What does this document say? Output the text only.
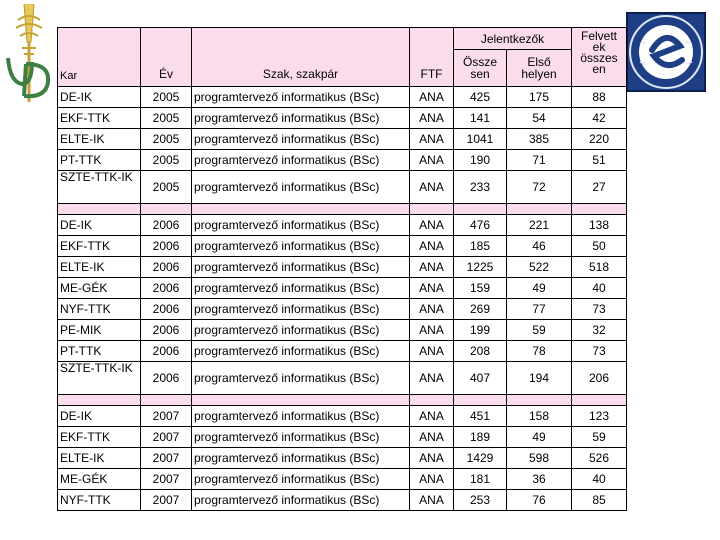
Kar	Év	Szak, szakpár	FTF	Jelentkezők		Felvett ek összes en
				Össze sen	Első helyen	
DE-IK	2005	programtervező informatikus (BSc)	ANA	425	175	88
EKF-TTK	2005	programtervező informatikus (BSc)	ANA	141	54	42
ELTE-IK	2005	programtervező informatikus (BSc)	ANA	1041	385	220
PT-TTK	2005	programtervező informatikus (BSc)	ANA	190	71	51
SZTE-TTK-IK	2005	programtervező informatikus (BSc)	ANA	233	72	27

DE-IK	2006	programtervező informatikus (BSc)	ANA	476	221	138
EKF-TTK	2006	programtervező informatikus (BSc)	ANA	185	46	50
ELTE-IK	2006	programtervező informatikus (BSc)	ANA	1225	522	518
ME-GÉK	2006	programtervező informatikus (BSc)	ANA	159	49	40
NYF-TTK	2006	programtervező informatikus (BSc)	ANA	269	77	73
PE-MIK	2006	programtervező informatikus (BSc)	ANA	199	59	32
PT-TTK	2006	programtervező informatikus (BSc)	ANA	208	78	73
SZTE-TTK-IK	2006	programtervező informatikus (BSc)	ANA	407	194	206

DE-IK	2007	programtervező informatikus (BSc)	ANA	451	158	123
EKF-TTK	2007	programtervező informatikus (BSc)	ANA	189	49	59
ELTE-IK	2007	programtervező informatikus (BSc)	ANA	1429	598	526
ME-GÉK	2007	programtervező informatikus (BSc)	ANA	181	36	40
NYF-TTK	2007	programtervező informatikus (BSc)	ANA	253	76	85
